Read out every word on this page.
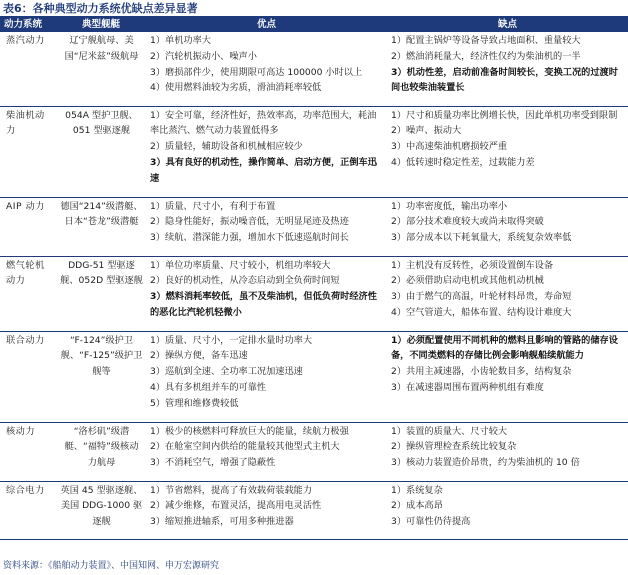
表6：各种典型动力系统优缺点差异显著
动力系统	典型舰艇	优点	缺点
蒸汽动力	辽宁舰航母、美国“尼米兹”级航母	1）单机功率大
2）汽轮机振动小、噪声小
3）磨损部件少，使用期限可高达 100000 小时以上
4）使用燃料油较为劣质，滑油消耗率较低	1）配置主锅炉等设备导致占地面积、重量较大
2）燃油消耗量大，经济性仅约为柴油机的一半
3）机动性差，启动前准备时间较长，变换工况的过渡时间也较柴油装置长

柴油机动力	054A 型护卫舰、051 型驱逐舰	1）安全可靠，经济性好，热效率高，功率范围大，耗油率比蒸汽、燃气动力装置低得多
2）质量轻，辅助设备和机械相应较少
3）具有良好的机动性，操作简单、启动方便，正倒车迅速	1）尺寸和质量功率比例增长快，因此单机功率受到限制
2）噪声、振动大
3）中高速柴油机磨损较严重
4）低转速时稳定性差，过载能力差

AIP 动力	德国“214”级潜艇、日本“苍龙”级潜艇	1）质量、尺寸小，有利于布置
2）隐身性能好，振动噪音低，无明显尾迹及热迹
3）续航、潜深能力强，增加水下低速巡航时间长	1）功率密度低，输出功率小
2）部分技术难度较大或尚未取得突破
3）部分成本以下耗氧量大，系统复杂效率低

燃气轮机动力	DDG-51 型驱逐舰、052D 型驱逐舰	1）单位功率质量、尺寸较小，机组功率较大
2）良好的机动性，从冷态启动到全负荷时间短
3）燃料消耗率较低，虽不及柴油机，但低负荷时经济性的恶化比汽轮机轻微小	1）主机没有反转性，必须设置倒车设备
2）必须借助启动电机或其他机动机械
3）由于燃气的高温，叶轮材料昂贵，寿命短
4）空气管道大，船体布置、结构设计难度大

联合动力	“F-124”级护卫舰、“F-125”级护卫舰等	1）质量、尺寸小，一定排水量时功率大
2）操纵方便，备车迅速
3）巡航到全速、全功率工况加速迅速
4）具有多机组并车的可靠性
5）管理和维修费较低	1）必须配置使用不同机种的燃料且影响的管路的储存设备，不同类燃料的存储比例会影响舰船续航能力
2）共用主减速器，小齿轮数目多，结构复杂
3）在减速器周围布置两种机组有难度

核动力	“洛杉矶”级潜艇、“福特”级核动力航母	1）极少的核燃料可释放巨大的能量，续航力极强
2）在舱室空间内供给的能量较其他型式主机大
3）不消耗空气，增强了隐蔽性	1）装置的质量大、尺寸较大
2）操纵管理检查系统比较复杂
3）核动力装置造价昂贵，约为柴油机的 10 倍

综合电力	英国 45 型驱逐舰、美国 DDG-1000 驱逐舰	1）节省燃料，提高了有效载荷装载能力
2）减少维修，布置灵活，提高用电灵活性
3）缩短推进轴系，可用多种推进器	1）系统复杂
2）成本高昂
3）可靠性仍待提高
资料来源：《船舶动力装置》、中国知网、申万宏源研究
